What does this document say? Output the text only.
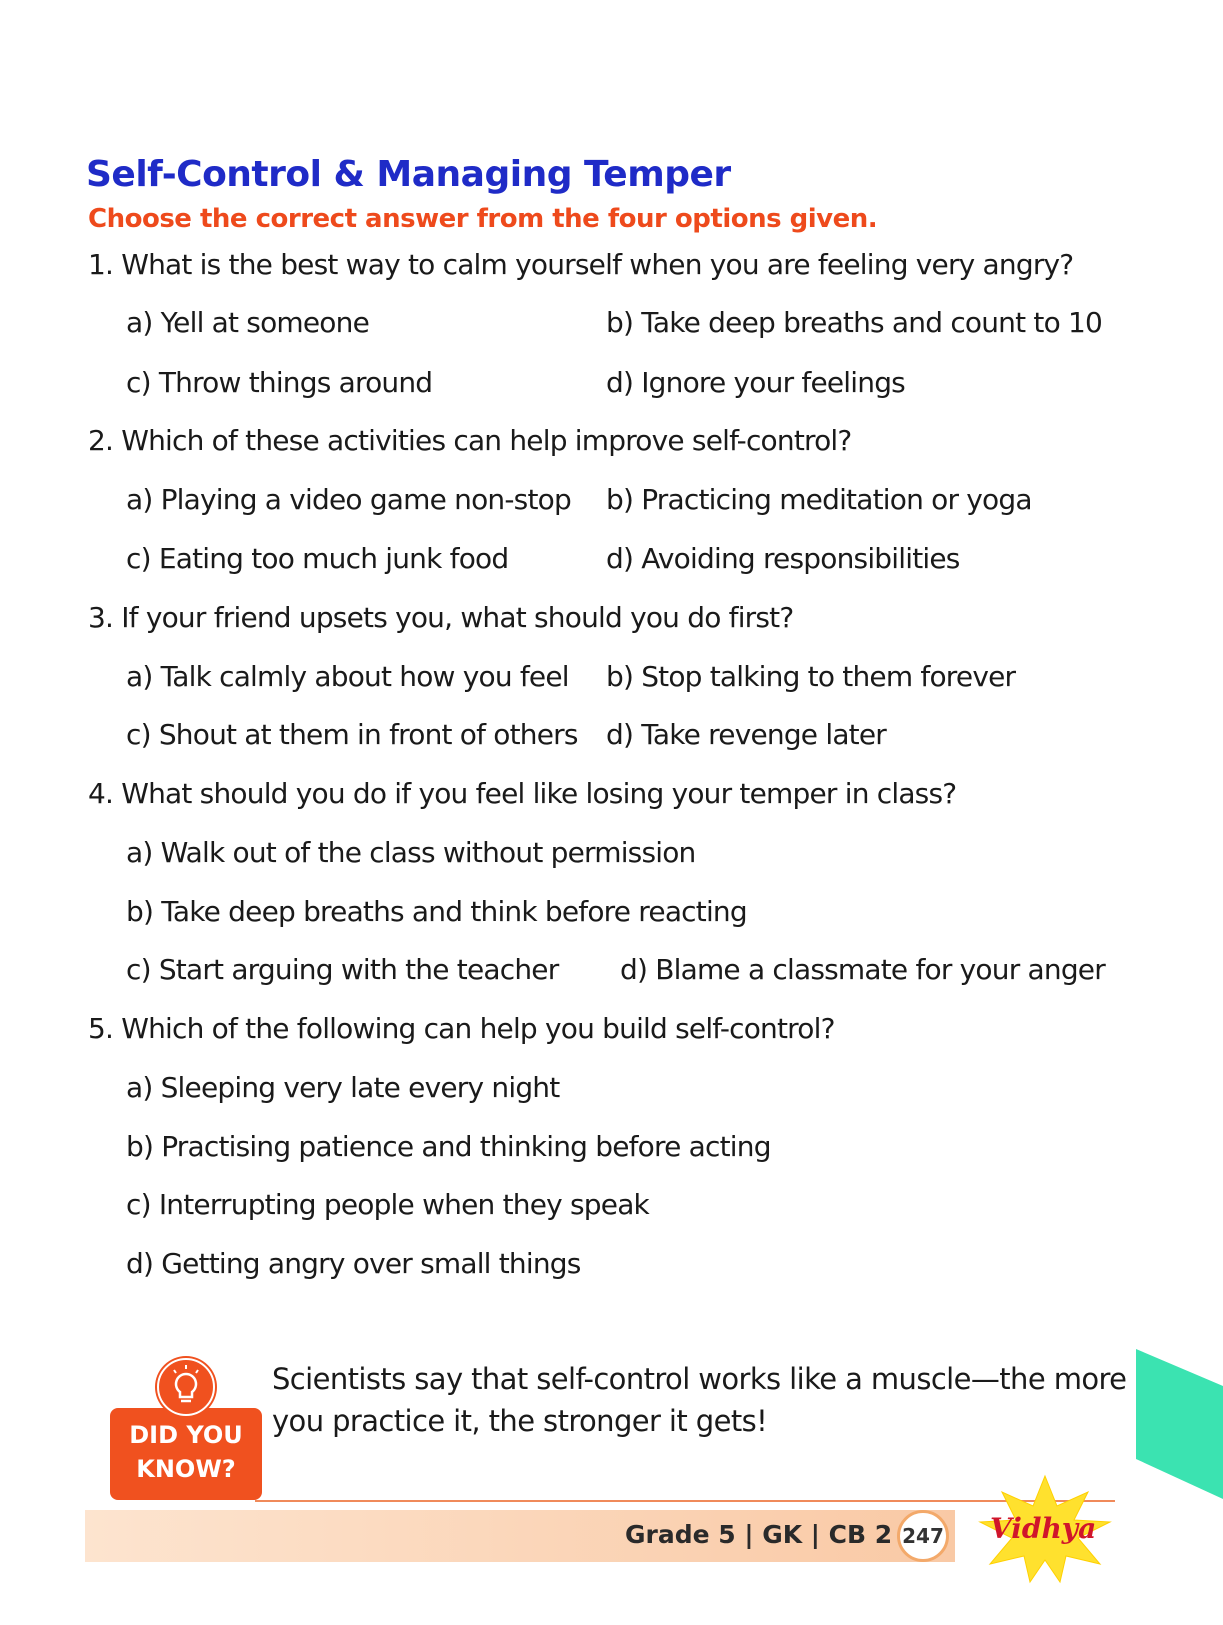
Self-Control & Managing Temper
Choose the correct answer from the four options given.
1. What is the best way to calm yourself when you are feeling very angry?
a) Yell at someone	b) Take deep breaths and count to 10
c) Throw things around	d) Ignore your feelings
2. Which of these activities can help improve self-control?
a) Playing a video game non-stop b) Practicing meditation or yoga
c) Eating too much junk food	d) Avoiding responsibilities
3. If your friend upsets you, what should you do first?
a) Talk calmly about how you feel b) Stop talking to them forever
c) Shout at them in front of others d) Take revenge later
4. What should you do if you feel like losing your temper in class?
a) Walk out of the class without permission
b) Take deep breaths and think before reacting
c) Start arguing with the teacher d) Blame a classmate for your anger
5. Which of the following can help you build self-control?
a) Sleeping very late every night
b) Practising patience and thinking before acting
c) Interrupting people when they speak
d) Getting angry over small things
DID YOU
KNOW?
Scientists say that self-control works like a muscle—the more
you practice it, the stronger it gets!
Grade 5 | GK | CB 2 247 Vidhya
